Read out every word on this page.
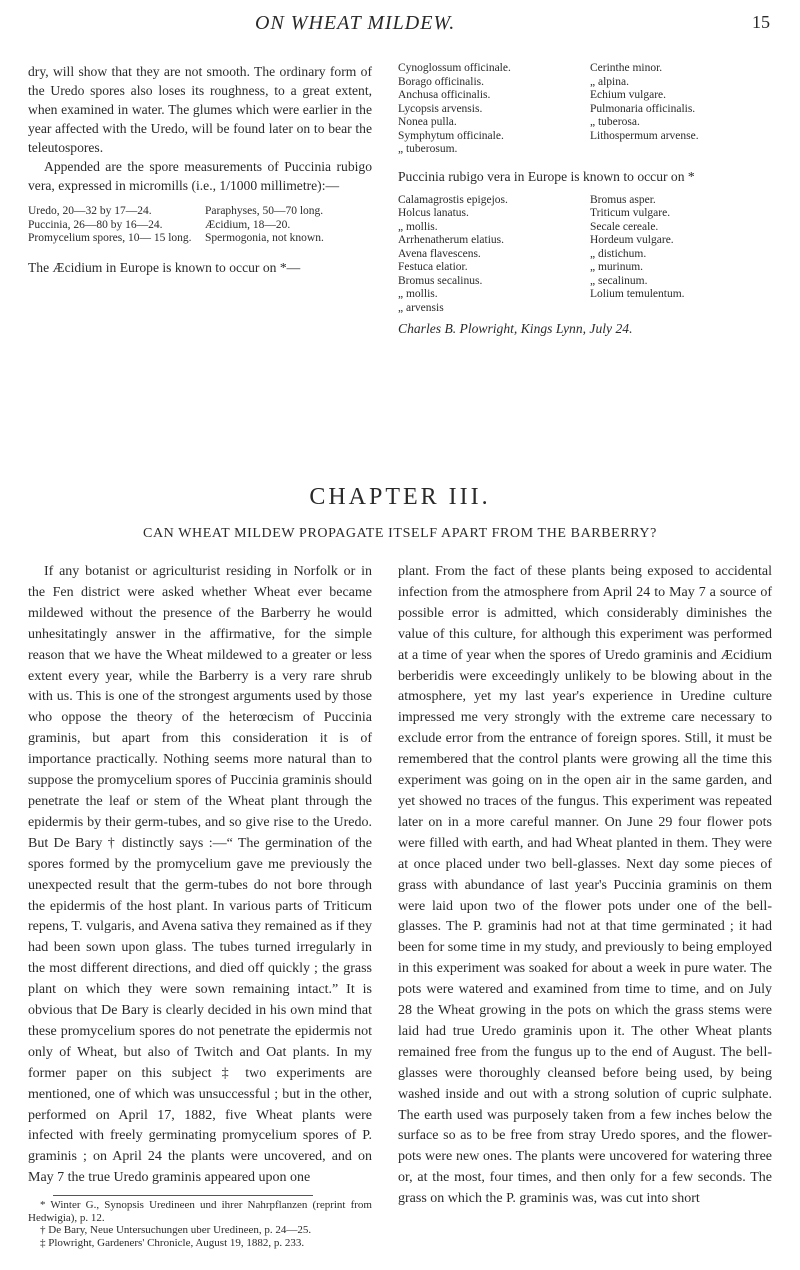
ON WHEAT MILDEW.	15

dry, will show that they are not smooth. The ordinary form of the Uredo spores also loses its roughness, to a great extent, when examined in water. The glumes which were earlier in the year affected with the Uredo, will be found later on to bear the teleutospores.

Appended are the spore measurements of Puccinia rubigo vera, expressed in micromills (i.e., 1/1000 millimetre):—

Uredo, 20—32 by 17—24.
Puccinia, 26—80 by 16—24.
Promycelium spores, 10— 15 long.
Paraphyses, 50—70 long.
Æcidium, 18—20.
Spermogonia, not known.

The Æcidium in Europe is known to occur on *—

Cynoglossum officinale.
Borago officinalis.
Anchusa officinalis.
Lycopsis arvensis.
Nonea pulla.
Symphytum officinale.
„ tuberosum.
Cerinthe minor.
„ alpina.
Echium vulgare.
Pulmonaria officinalis.
„ tuberosa.
Lithospermum arvense.

Puccinia rubigo vera in Europe is known to occur on *

Calamagrostis epigejos.
Holcus lanatus.
„ mollis.
Arrhenatherum elatius.
Avena flavescens.
Festuca elatior.
Bromus secalinus.
„ mollis.
„ arvensis
Bromus asper.
Triticum vulgare.
Secale cereale.
Hordeum vulgare.
„ distichum.
„ murinum.
„ secalinum.
Lolium temulentum.

Charles B. Plowright, Kings Lynn, July 24.

CHAPTER III.
CAN WHEAT MILDEW PROPAGATE ITSELF APART FROM THE BARBERRY?

If any botanist or agriculturist residing in Norfolk or in the Fen district were asked whether Wheat ever became mildewed without the presence of the Barberry he would unhesitatingly answer in the affirmative, for the simple reason that we have the Wheat mildewed to a greater or less extent every year, while the Barberry is a very rare shrub with us. This is one of the strongest arguments used by those who oppose the theory of the heterœcism of Puccinia graminis, but apart from this consideration it is of importance practically. Nothing seems more natural than to suppose the promycelium spores of Puccinia graminis should penetrate the leaf or stem of the Wheat plant through the epidermis by their germ-tubes, and so give rise to the Uredo. But De Bary † distinctly says :—“ The germination of the spores formed by the promycelium gave me previously the unexpected result that the germ-tubes do not bore through the epidermis of the host plant. In various parts of Triticum repens, T. vulgaris, and Avena sativa they remained as if they had been sown upon glass. The tubes turned irregularly in the most different directions, and died off quickly ; the grass plant on which they were sown remaining intact.” It is obvious that De Bary is clearly decided in his own mind that these promycelium spores do not penetrate the epidermis not only of Wheat, but also of Twitch and Oat plants. In my former paper on this subject ‡ two experiments are mentioned, one of which was unsuccessful ; but in the other, performed on April 17, 1882, five Wheat plants were infected with freely germinating promycelium spores of P. graminis ; on April 24 the plants were uncovered, and on May 7 the true Uredo graminis appeared upon one

* Winter G., Synopsis Uredineen und ihrer Nahrpflanzen (reprint from Hedwigia), p. 12.

† De Bary, Neue Untersuchungen uber Uredineen, p. 24—25.

‡ Plowright, Gardeners' Chronicle, August 19, 1882, p. 233.

plant. From the fact of these plants being exposed to accidental infection from the atmosphere from April 24 to May 7 a source of possible error is admitted, which considerably diminishes the value of this culture, for although this experiment was performed at a time of year when the spores of Uredo graminis and Æcidium berberidis were exceedingly unlikely to be blowing about in the atmosphere, yet my last year's experience in Uredine culture impressed me very strongly with the extreme care necessary to exclude error from the entrance of foreign spores. Still, it must be remembered that the control plants were growing all the time this experiment was going on in the open air in the same garden, and yet showed no traces of the fungus. This experiment was repeated later on in a more careful manner. On June 29 four flower pots were filled with earth, and had Wheat planted in them. They were at once placed under two bell-glasses. Next day some pieces of grass with abundance of last year's Puccinia graminis on them were laid upon two of the flower pots under one of the bell-glasses. The P. graminis had not at that time germinated ; it had been for some time in my study, and previously to being employed in this experiment was soaked for about a week in pure water. The pots were watered and examined from time to time, and on July 28 the Wheat growing in the pots on which the grass stems were laid had true Uredo graminis upon it. The other Wheat plants remained free from the fungus up to the end of August. The bell-glasses were thoroughly cleansed before being used, by being washed inside and out with a strong solution of cupric sulphate. The earth used was purposely taken from a few inches below the surface so as to be free from stray Uredo spores, and the flower-pots were new ones. The plants were uncovered for watering three or, at the most, four times, and then only for a few seconds. The grass on which the P. graminis was, was cut into short
